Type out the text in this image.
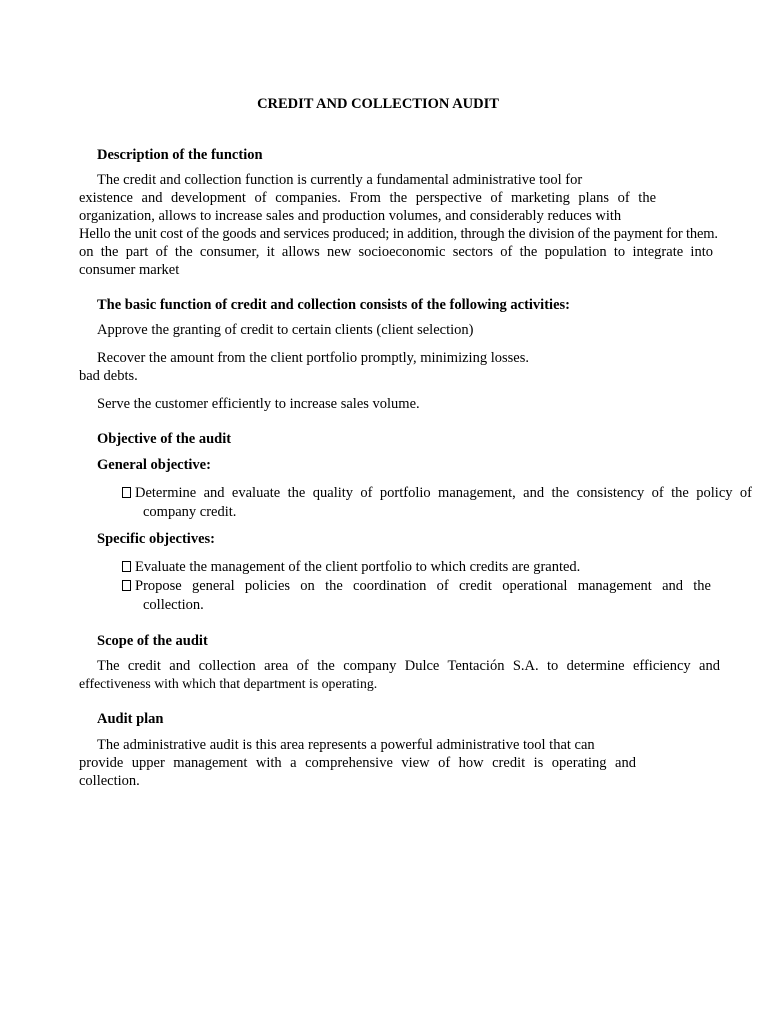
CREDIT AND COLLECTION AUDIT
Description of the function
The credit and collection function is currently a fundamental administrative tool for
existence and development of companies. From the perspective of marketing plans of the
organization, allows to increase sales and production volumes, and considerably reduces with
Hello the unit cost of the goods and services produced; in addition, through the division of the payment for them.
on the part of the consumer, it allows new socioeconomic sectors of the population to integrate into
consumer market
The basic function of credit and collection consists of the following activities:
Approve the granting of credit to certain clients (client selection)
Recover the amount from the client portfolio promptly, minimizing losses.
bad debts.
Serve the customer efficiently to increase sales volume.
Objective of the audit
General objective:
Determine and evaluate the quality of portfolio management, and the consistency of the policy of
company credit.
Specific objectives:
Evaluate the management of the client portfolio to which credits are granted.
Propose general policies on the coordination of credit operational management and the
collection.
Scope of the audit
The credit and collection area of the company Dulce Tentación S.A. to determine efficiency and
effectiveness with which that department is operating.
Audit plan
The administrative audit is this area represents a powerful administrative tool that can
provide upper management with a comprehensive view of how credit is operating and
collection.
